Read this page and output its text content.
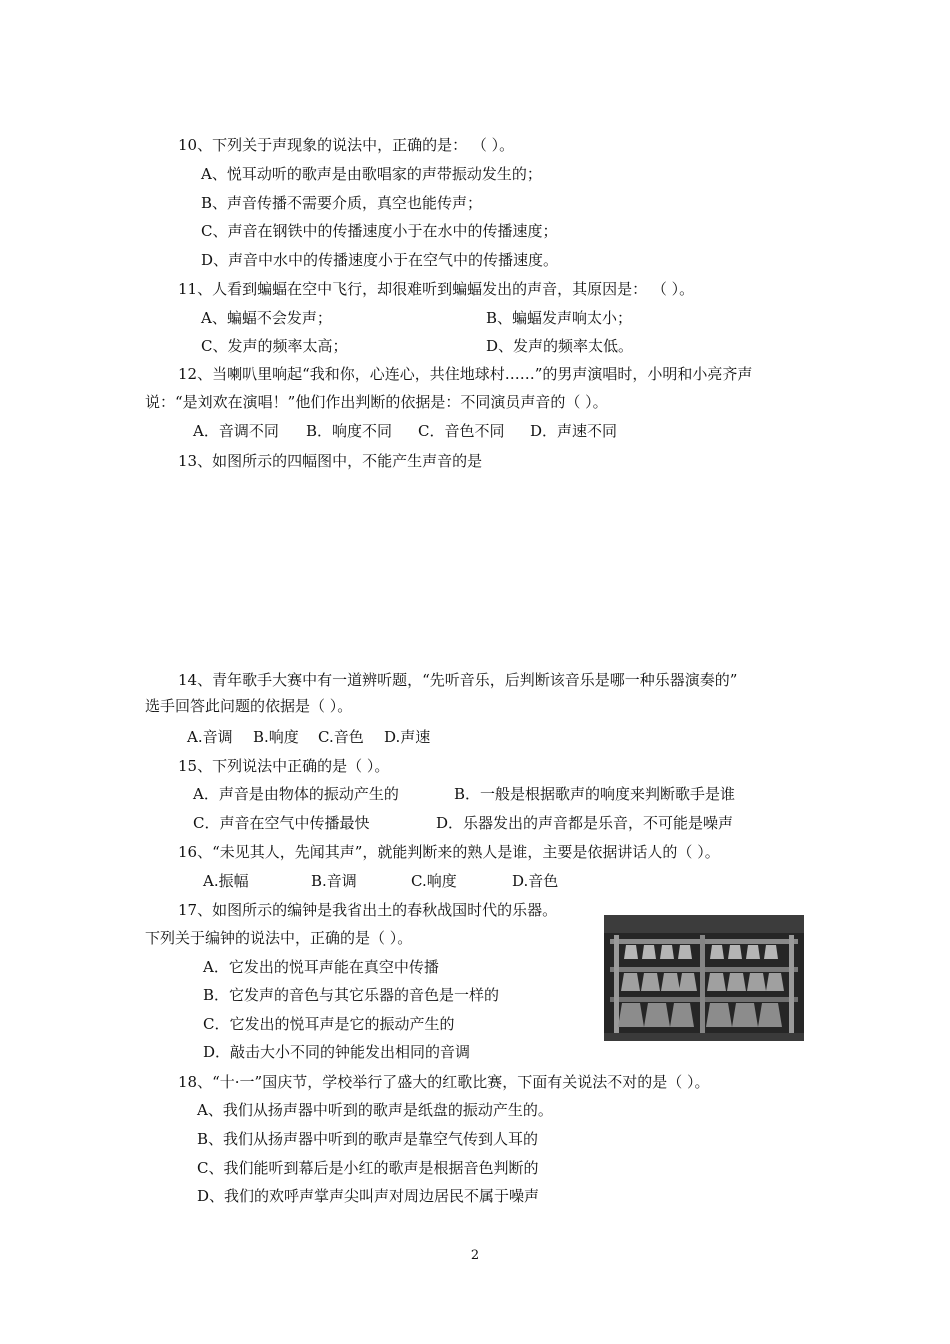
10、下列关于声现象的说法中，正确的是： （ ）。
A、悦耳动听的歌声是由歌唱家的声带振动发生的；
B、声音传播不需要介质，真空也能传声；
C、声音在钢铁中的传播速度小于在水中的传播速度；
D、声音中水中的传播速度小于在空气中的传播速度。
11、人看到蝙蝠在空中飞行，却很难听到蝙蝠发出的声音，其原因是： （ ）。
A、蝙蝠不会发声；	B、蝙蝠发声响太小；
C、发声的频率太高；	D、发声的频率太低。
12、当喇叭里响起“我和你，心连心，共住地球村……”的男声演唱时，小明和小亮齐声
说：“是刘欢在演唱！”他们作出判断的依据是：不同演员声音的（ ）。
A．音调不同 B．响度不同 C．音色不同 D．声速不同
13、如图所示的四幅图中，不能产生声音的是
14、青年歌手大赛中有一道辨听题，“先听音乐，后判断该音乐是哪一种乐器演奏的”
选手回答此问题的依据是（ ）。
A.音调 B.响度 C.音色 D.声速
15、下列说法中正确的是（ ）。
A．声音是由物体的振动产生的	B．一般是根据歌声的响度来判断歌手是谁
C．声音在空气中传播最快	D．乐器发出的声音都是乐音，不可能是噪声
16、“未见其人，先闻其声”，就能判断来的熟人是谁，主要是依据讲话人的（ ）。
A.振幅	B.音调	C.响度	D.音色
17、如图所示的编钟是我省出土的春秋战国时代的乐器。
下列关于编钟的说法中，正确的是（ ）。
A．它发出的悦耳声能在真空中传播
B．它发声的音色与其它乐器的音色是一样的
C．它发出的悦耳声是它的振动产生的
D．敲击大小不同的钟能发出相同的音调
18、“十·一”国庆节，学校举行了盛大的红歌比赛，下面有关说法不对的是（ ）。
A、我们从扬声器中听到的歌声是纸盘的振动产生的。
B、我们从扬声器中听到的歌声是靠空气传到人耳的
C、我们能听到幕后是小红的歌声是根据音色判断的
D、我们的欢呼声掌声尖叫声对周边居民不属于噪声
2
